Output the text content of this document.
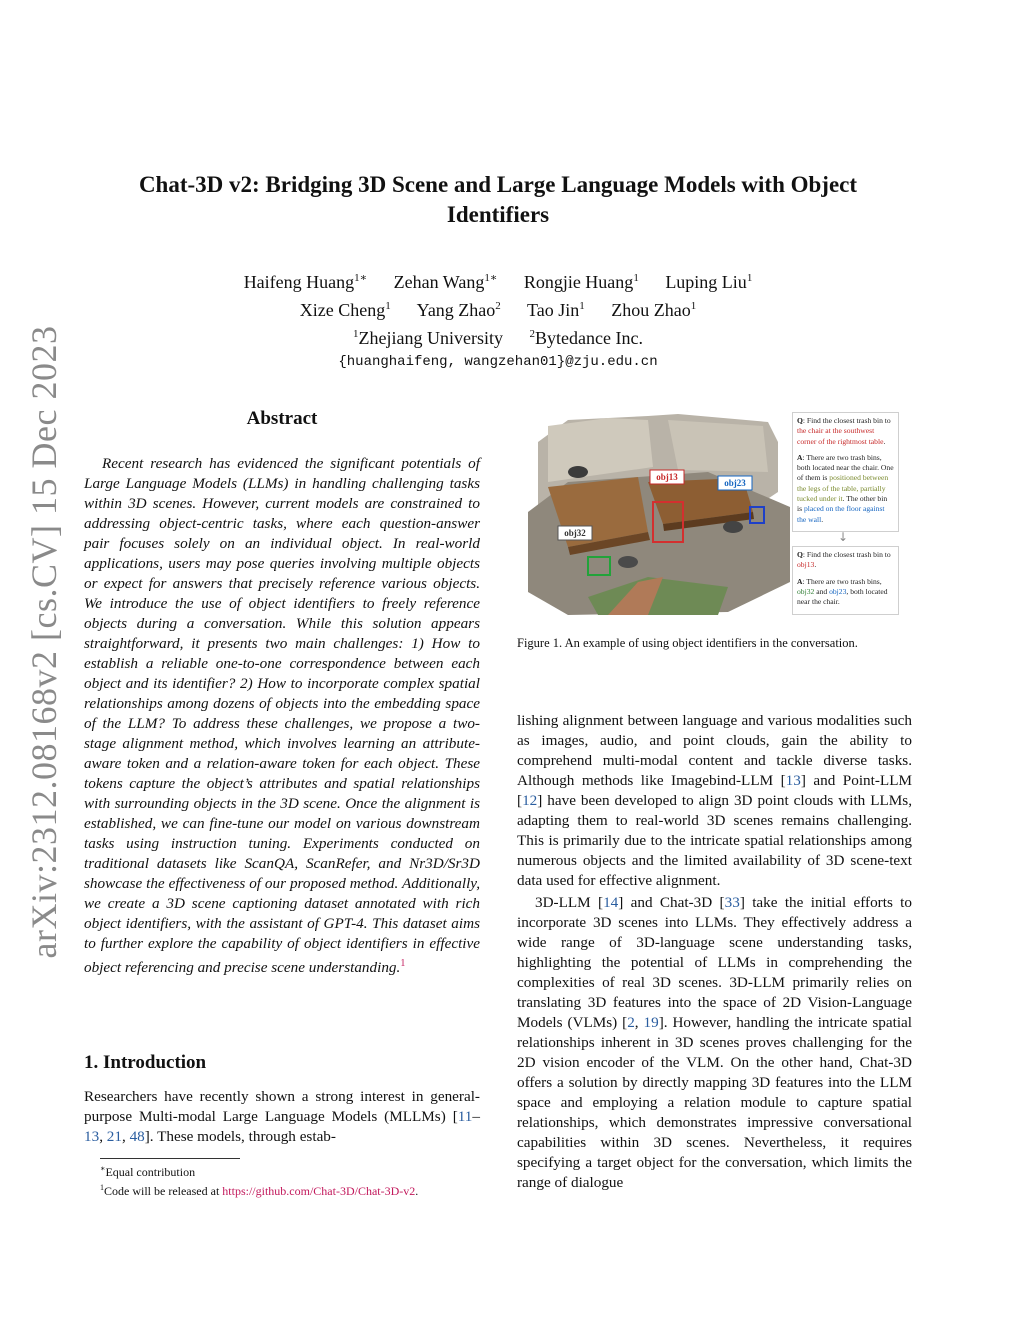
arXiv:2312.08168v2 [cs.CV] 15 Dec 2023
Chat-3D v2: Bridging 3D Scene and Large Language Models with Object
Identifiers
Haifeng Huang$^{1∗}$ Zehan Wang$^{1∗}$ Rongjie Huang$^1$ Luping Liu$^1$
Xize Cheng$^1$ Yang Zhao$^2$ Tao Jin$^1$ Zhou Zhao$^1$
$^1$Zhejiang University $^2$Bytedance Inc.
{huanghaifeng, wangzehan01}@zju.edu.cn
Abstract
Recent research has evidenced the significant potentials of Large Language Models (LLMs) in handling challenging tasks within 3D scenes. However, current models are constrained to addressing object-centric tasks, where each question-answer pair focuses solely on an individual object. In real-world applications, users may pose queries involving multiple objects or expect for answers that precisely reference various objects. We introduce the use of object identifiers to freely reference objects during a conversation. While this solution appears straightforward, it presents two main challenges: 1) How to establish a reliable one-to-one correspondence between each object and its identifier? 2) How to incorporate complex spatial relationships among dozens of objects into the embedding space of the LLM? To address these challenges, we propose a two-stage alignment method, which involves learning an attribute-aware token and a relation-aware token for each object. These tokens capture the object’s attributes and spatial relationships with surrounding objects in the 3D scene. Once the alignment is established, we can fine-tune our model on various downstream tasks using instruction tuning. Experiments conducted on traditional datasets like ScanQA, ScanRefer, and Nr3D/Sr3D showcase the effectiveness of our proposed method. Additionally, we create a 3D scene captioning dataset annotated with rich object identifiers, with the assistant of GPT-4. This dataset aims to further explore the capability of object identifiers in effective object referencing and precise scene understanding.$^1$
1. Introduction
Researchers have recently shown a strong interest in general-purpose Multi-modal Large Language Models (MLLMs) [11–13, 21, 48]. These models, through estab-
∗Equal contribution
$^1$Code will be released at https://github.com/Chat-3D/Chat-3D-v2.
obj13
obj23
obj32

Q: Find the closest trash bin to the chair at the southwest corner of the rightmost table.

A: There are two trash bins, both located near the chair. One of them is positioned between the legs of the table, partially tucked under it. The other bin is placed on the floor against the wall.

↓

Q: Find the closest trash bin to obj13.

A: There are two trash bins, obj32 and obj23, both located near the chair.

Figure 1. An example of using object identifiers in the conversation.

lishing alignment between language and various modalities such as images, audio, and point clouds, gain the ability to comprehend multi-modal content and tackle diverse tasks. Although methods like Imagebind-LLM [13] and Point-LLM [12] have been developed to align 3D point clouds with LLMs, adapting them to real-world 3D scenes remains challenging. This is primarily due to the intricate spatial relationships among numerous objects and the limited availability of 3D scene-text data used for effective alignment.

3D-LLM [14] and Chat-3D [33] take the initial efforts to incorporate 3D scenes into LLMs. They effectively address a wide range of 3D-language scene understanding tasks, highlighting the potential of LLMs in comprehending the complexities of real 3D scenes. 3D-LLM primarily relies on translating 3D features into the space of 2D Vision-Language Models (VLMs) [2, 19]. However, handling the intricate spatial relationships inherent in 3D scenes proves challenging for the 2D vision encoder of the VLM. On the other hand, Chat-3D offers a solution by directly mapping 3D features into the LLM space and employing a relation module to capture spatial relationships, which demonstrates impressive conversational capabilities within 3D scenes. Nevertheless, it requires specifying a target object for the conversation, which limits the range of dialogue
